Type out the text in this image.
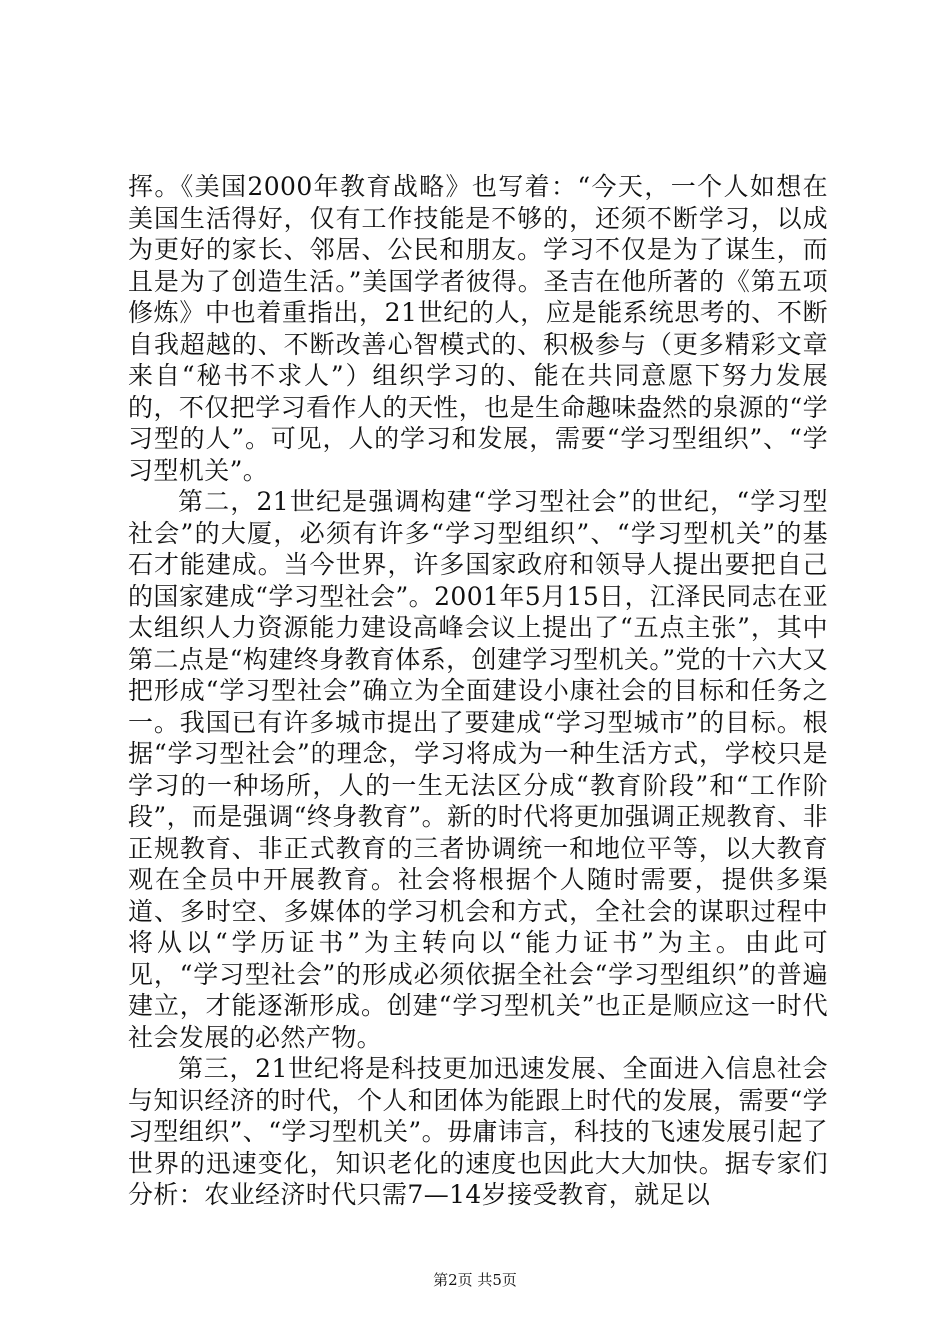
挥。《美国2000年教育战略》也写着：“今天，一个人如想在美国生活得好，仅有工作技能是不够的，还须不断学习，以成为更好的家长、邻居、公民和朋友。学习不仅是为了谋生，而且是为了创造生活。”美国学者彼得。圣吉在他所著的《第五项修炼》中也着重指出，21世纪的人，应是能系统思考的、不断自我超越的、不断改善心智模式的、积极参与（更多精彩文章来自“秘书不求人”）组织学习的、能在共同意愿下努力发展的，不仅把学习看作人的天性，也是生命趣味盎然的泉源的“学习型的人”。可见，人的学习和发展，需要“学习型组织”、“学习型机关”。

第二，21世纪是强调构建“学习型社会”的世纪，“学习型社会”的大厦，必须有许多“学习型组织”、“学习型机关”的基石才能建成。当今世界，许多国家政府和领导人提出要把自己的国家建成“学习型社会”。2001年5月15日，江泽民同志在亚太组织人力资源能力建设高峰会议上提出了“五点主张”，其中第二点是“构建终身教育体系，创建学习型机关。”党的十六大又把形成“学习型社会”确立为全面建设小康社会的目标和任务之一。我国已有许多城市提出了要建成“学习型城市”的目标。根据“学习型社会”的理念，学习将成为一种生活方式，学校只是学习的一种场所，人的一生无法区分成“教育阶段”和“工作阶段”，而是强调“终身教育”。新的时代将更加强调正规教育、非正规教育、非正式教育的三者协调统一和地位平等，以大教育观在全员中开展教育。社会将根据个人随时需要，提供多渠道、多时空、多媒体的学习机会和方式，全社会的谋职过程中将从以“学历证书”为主转向以“能力证书”为主。由此可见，“学习型社会”的形成必须依据全社会“学习型组织”的普遍建立，才能逐渐形成。创建“学习型机关”也正是顺应这一时代社会发展的必然产物。

第三，21世纪将是科技更加迅速发展、全面进入信息社会与知识经济的时代，个人和团体为能跟上时代的发展，需要“学习型组织”、“学习型机关”。毋庸讳言，科技的飞速发展引起了世界的迅速变化，知识老化的速度也因此大大加快。据专家们分析：农业经济时代只需7—14岁接受教育，就足以

第2页 共5页
